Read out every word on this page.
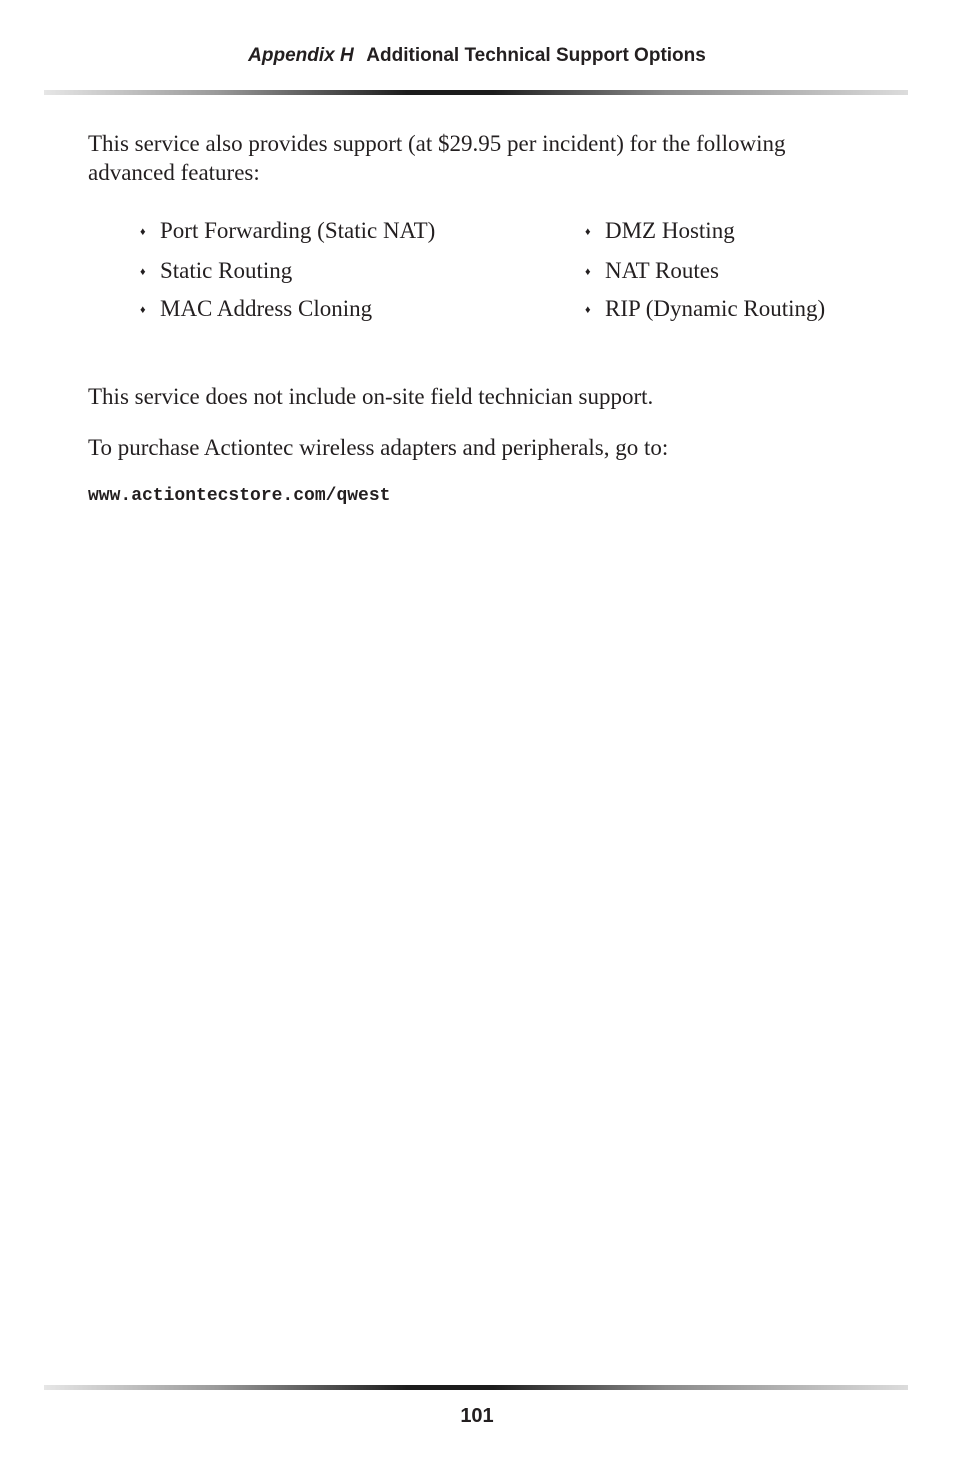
Appendix H Additional Technical Support Options

This service also provides support (at $29.95 per incident) for the following advanced features:

♦ Port Forwarding (Static NAT)	♦ DMZ Hosting
♦ Static Routing	♦ NAT Routes
♦ MAC Address Cloning	♦ RIP (Dynamic Routing)

This service does not include on-site field technician support.

To purchase Actiontec wireless adapters and peripherals, go to:

www.actiontecstore.com/qwest
101
